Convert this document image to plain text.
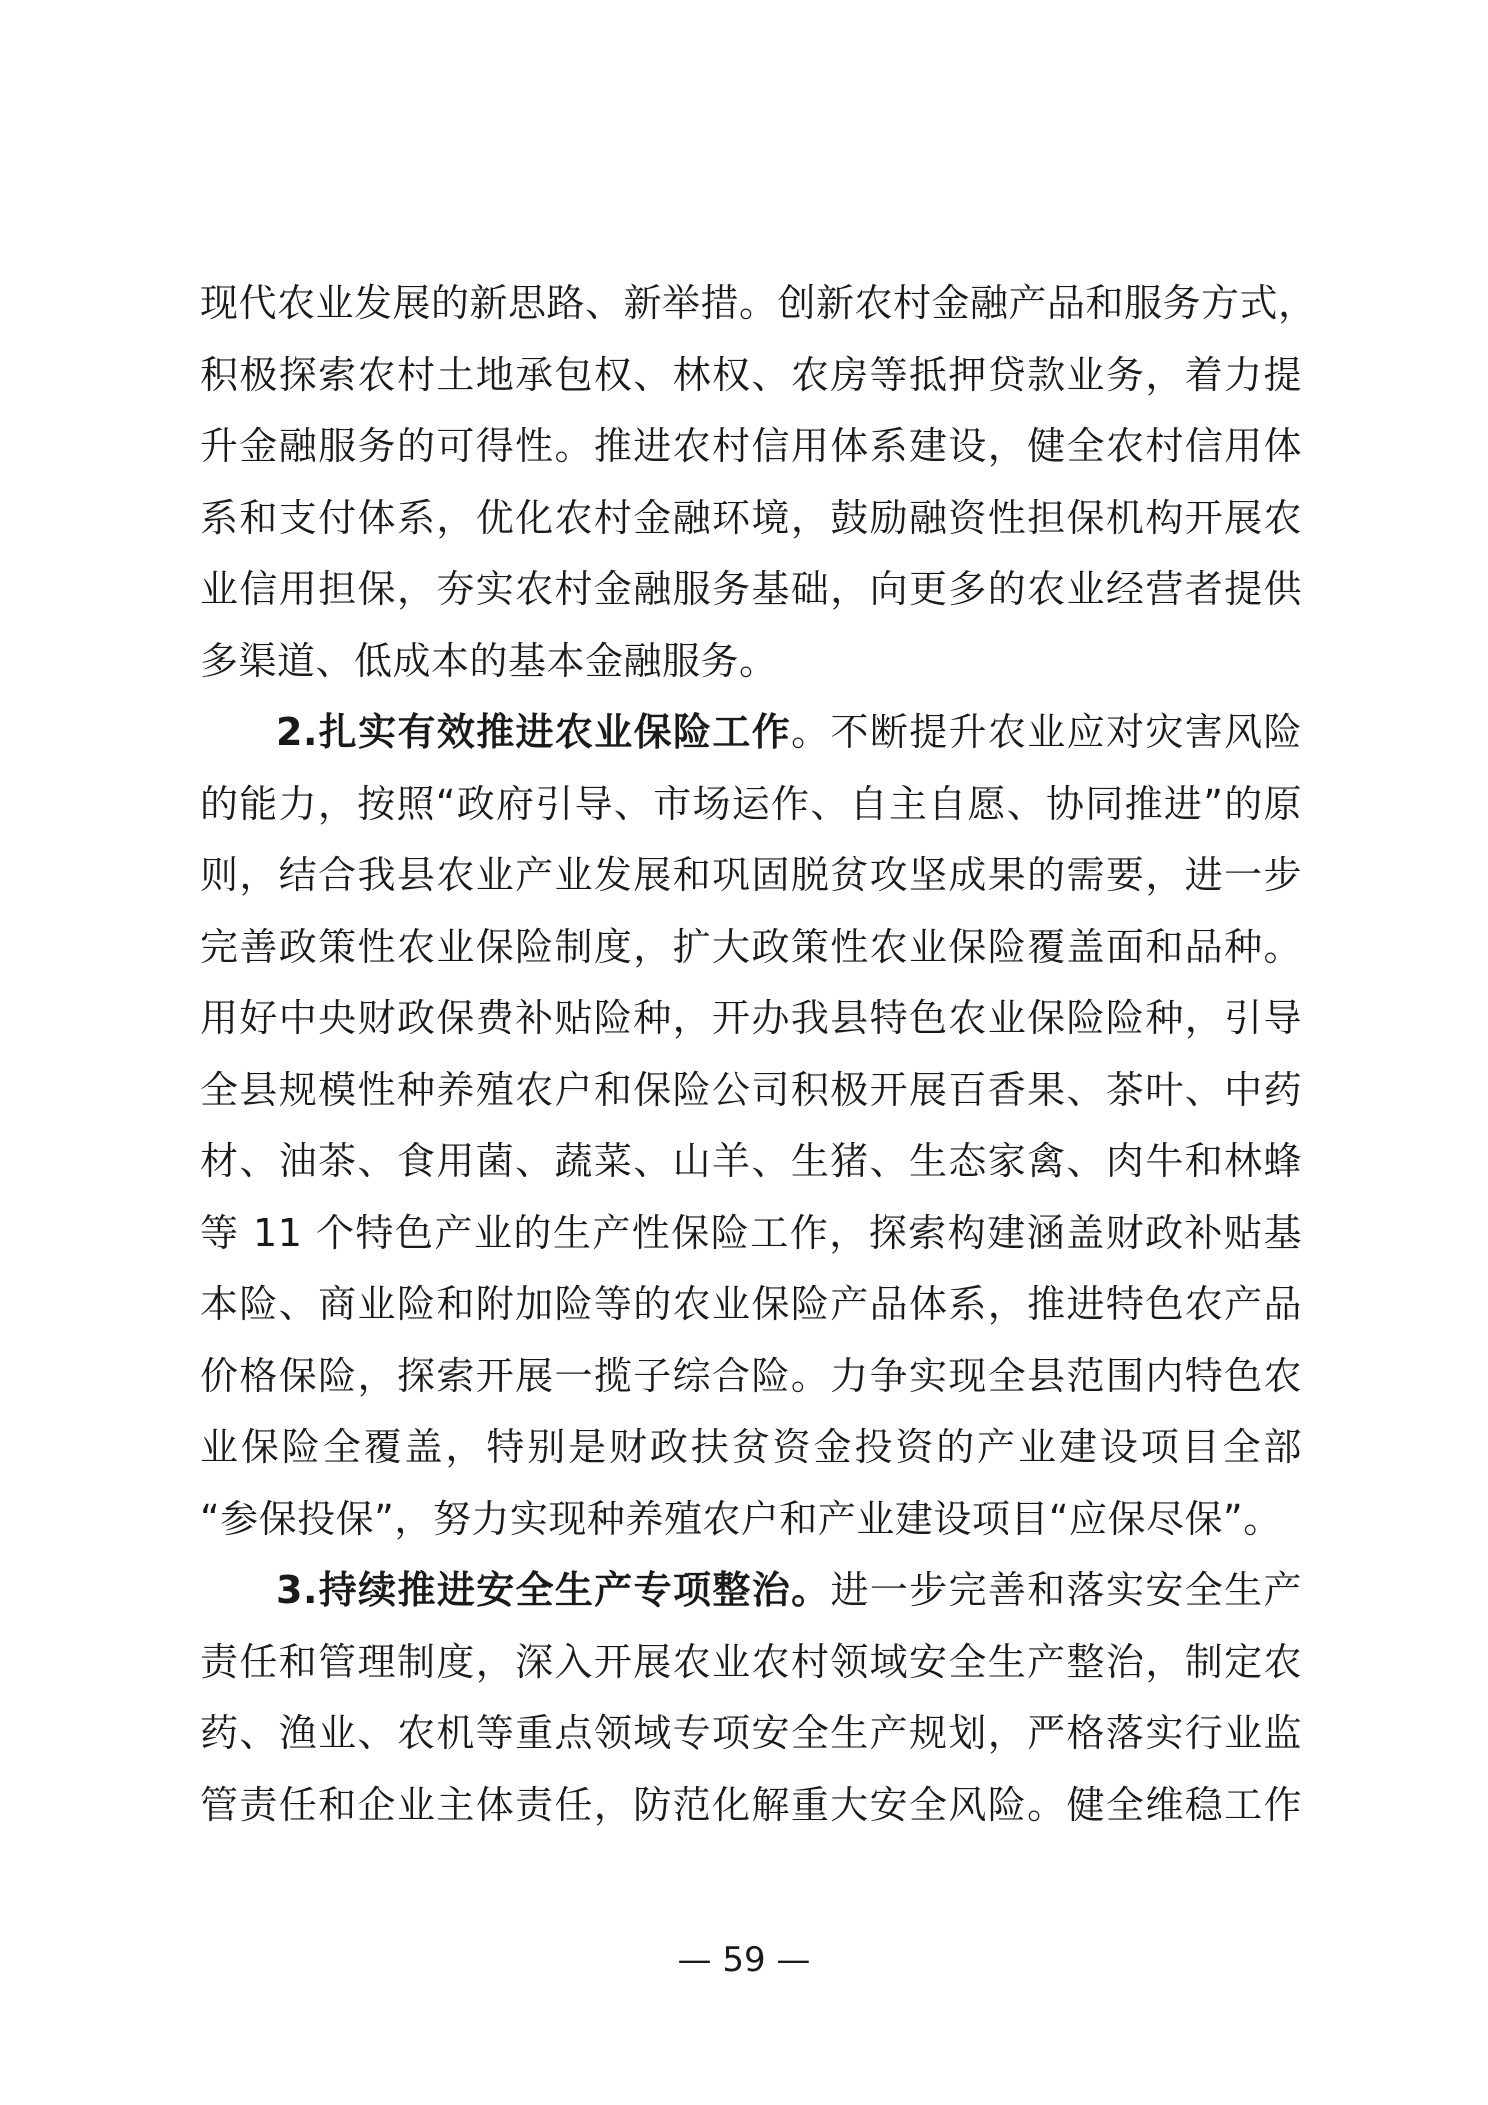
现代农业发展的新思路、新举措。创新农村金融产品和服务方式，
积极探索农村土地承包权、林权、农房等抵押贷款业务，着力提
升金融服务的可得性。推进农村信用体系建设，健全农村信用体
系和支付体系，优化农村金融环境，鼓励融资性担保机构开展农
业信用担保，夯实农村金融服务基础，向更多的农业经营者提供
多渠道、低成本的基本金融服务。
2.扎实有效推进农业保险工作。不断提升农业应对灾害风险
的能力，按照“政府引导、市场运作、自主自愿、协同推进”的原
则，结合我县农业产业发展和巩固脱贫攻坚成果的需要，进一步
完善政策性农业保险制度，扩大政策性农业保险覆盖面和品种。
用好中央财政保费补贴险种，开办我县特色农业保险险种，引导
全县规模性种养殖农户和保险公司积极开展百香果、茶叶、中药
材、油茶、食用菌、蔬菜、山羊、生猪、生态家禽、肉牛和林蜂
等 11 个特色产业的生产性保险工作，探索构建涵盖财政补贴基
本险、商业险和附加险等的农业保险产品体系，推进特色农产品
价格保险，探索开展一揽子综合险。力争实现全县范围内特色农
业保险全覆盖，特别是财政扶贫资金投资的产业建设项目全部
“参保投保”，努力实现种养殖农户和产业建设项目“应保尽保”。
3.持续推进安全生产专项整治。进一步完善和落实安全生产
责任和管理制度，深入开展农业农村领域安全生产整治，制定农
药、渔业、农机等重点领域专项安全生产规划，严格落实行业监
管责任和企业主体责任，防范化解重大安全风险。健全维稳工作
— 59 —
